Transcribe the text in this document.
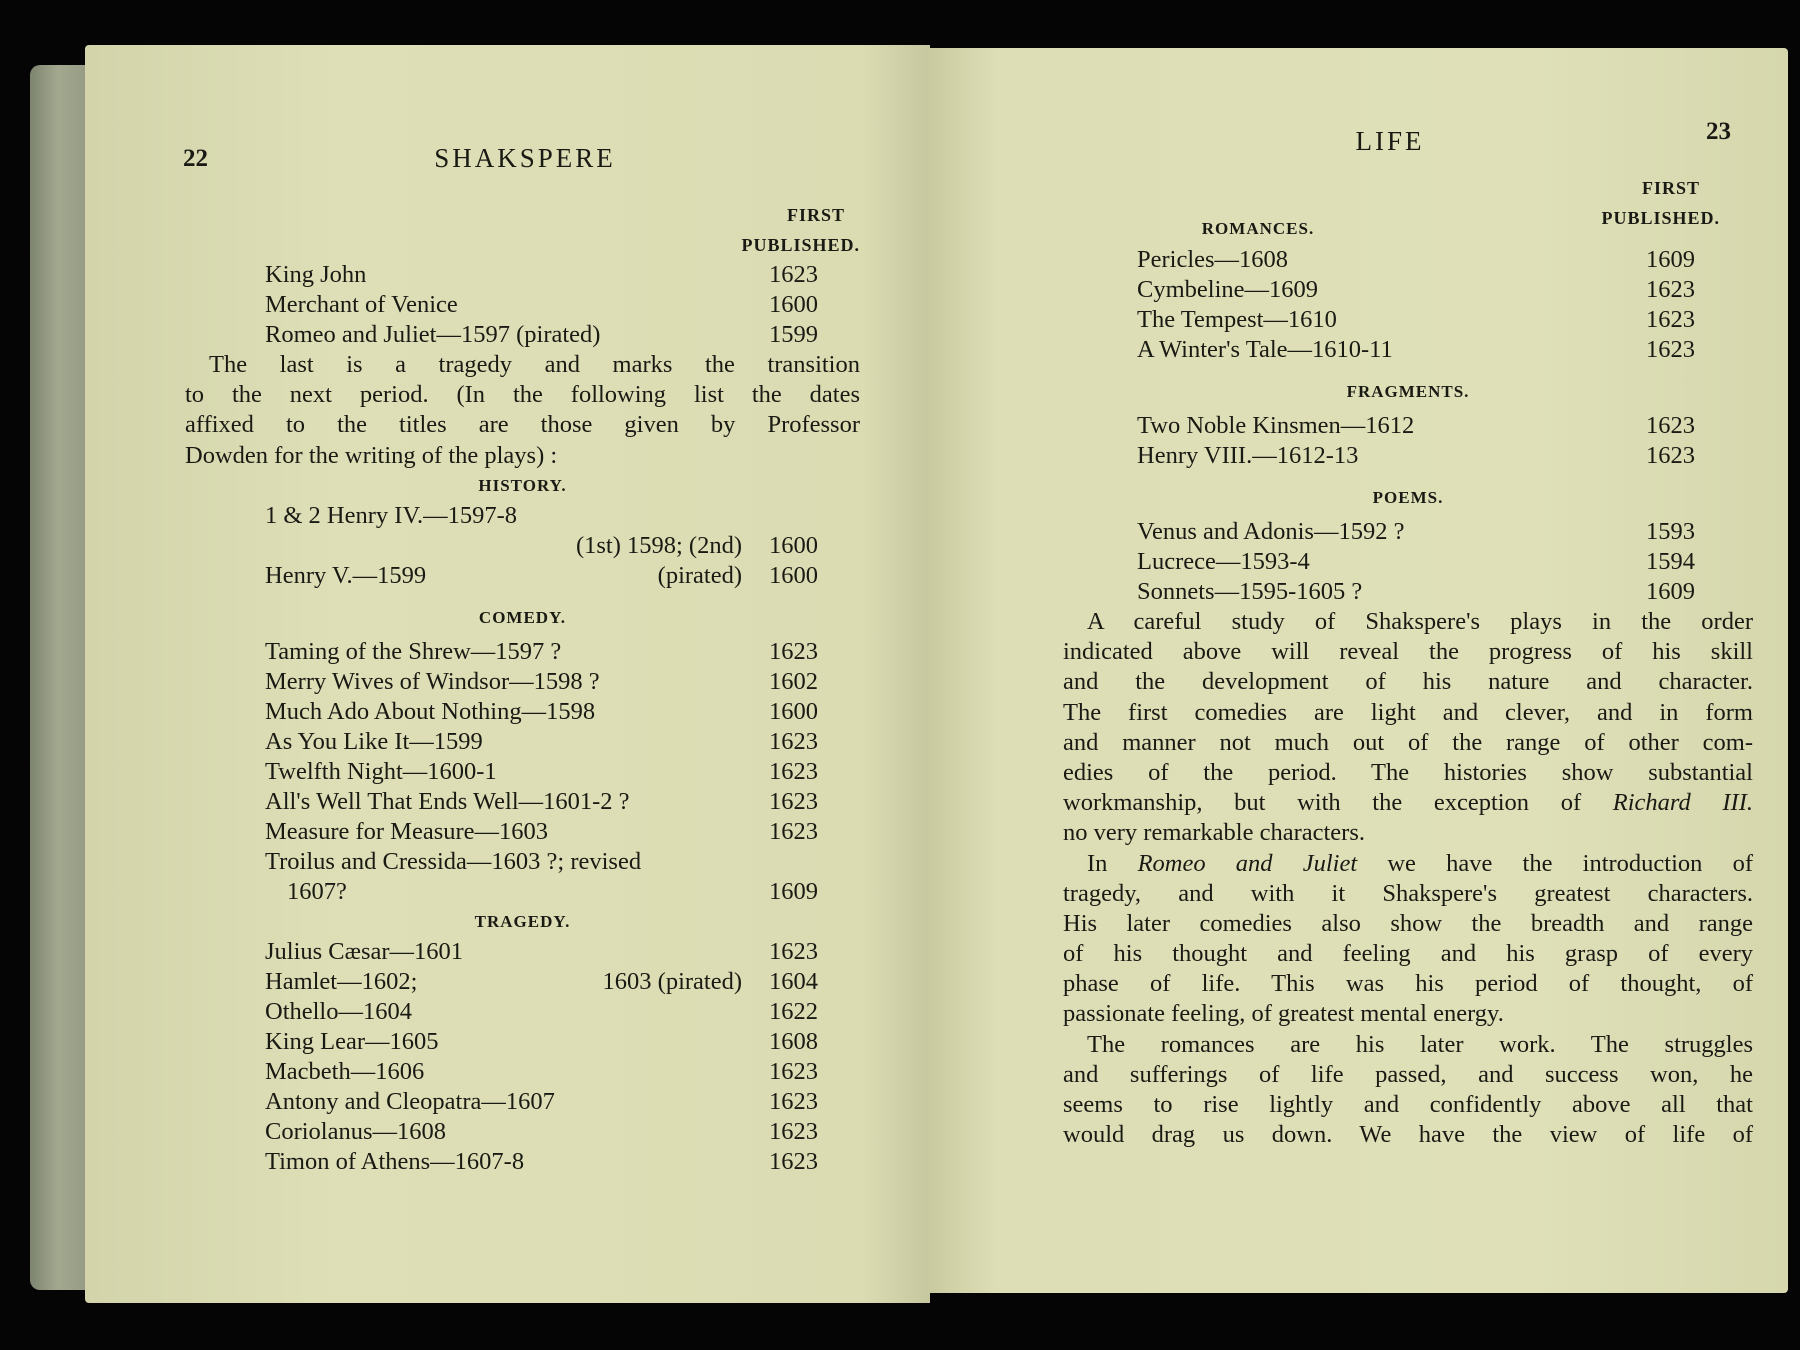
22	SHAKSPERE
FIRST
PUBLISHED.
King John	1623
Merchant of Venice	1600
Romeo and Juliet—1597 (pirated)	1599
The last is a tragedy and marks the transition
to the next period. (In the following list the dates
affixed to the titles are those given by Professor
Dowden for the writing of the plays) :
HISTORY.
1 & 2 Henry IV.—1597-8
(1st) 1598; (2nd) 1600
Henry V.—1599	(pirated) 1600
COMEDY.
Taming of the Shrew—1597 ?	1623
Merry Wives of Windsor—1598 ?	1602
Much Ado About Nothing—1598	1600
As You Like It—1599	1623
Twelfth Night—1600-1	1623
All's Well That Ends Well—1601-2 ?	1623
Measure for Measure—1603	1623
Troilus and Cressida—1603 ?; revised
1607?	1609
TRAGEDY.
Julius Cæsar—1601	1623
Hamlet—1602;	1603 (pirated) 1604
Othello—1604	1622
King Lear—1605	1608
Macbeth—1606	1623
Antony and Cleopatra—1607	1623
Coriolanus—1608	1623
Timon of Athens—1607-8	1623
23
LIFE
FIRST
PUBLISHED.
ROMANCES.
Pericles—1608	1609
Cymbeline—1609	1623
The Tempest—1610	1623
A Winter's Tale—1610-11	1623
FRAGMENTS.
Two Noble Kinsmen—1612	1623
Henry VIII.—1612-13	1623
POEMS.
Venus and Adonis—1592 ?	1593
Lucrece—1593-4	1594
Sonnets—1595-1605 ?	1609
A careful study of Shakspere's plays in the order
indicated above will reveal the progress of his skill
and the development of his nature and character.
The first comedies are light and clever, and in form
and manner not much out of the range of other com-
edies of the period. The histories show substantial
workmanship, but with the exception of Richard III.
no very remarkable characters.
In Romeo and Juliet we have the introduction of
tragedy, and with it Shakspere's greatest characters.
His later comedies also show the breadth and range
of his thought and feeling and his grasp of every
phase of life. This was his period of thought, of
passionate feeling, of greatest mental energy.
The romances are his later work. The struggles
and sufferings of life passed, and success won, he
seems to rise lightly and confidently above all that
would drag us down. We have the view of life of
